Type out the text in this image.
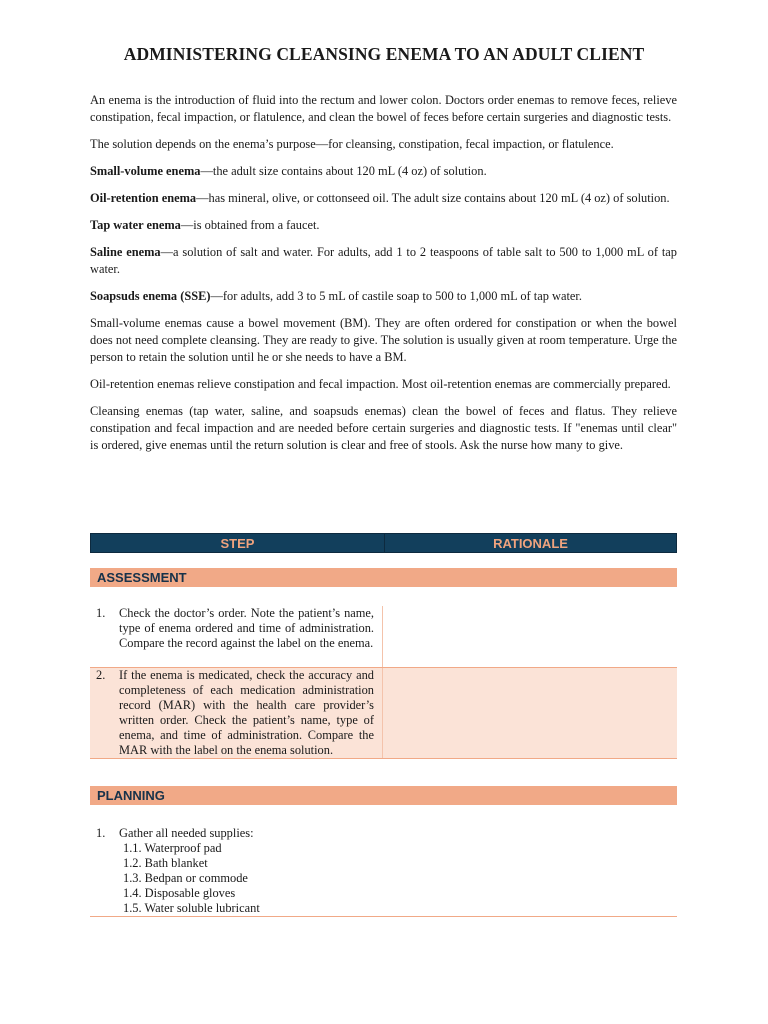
ADMINISTERING CLEANSING ENEMA TO AN ADULT CLIENT

An enema is the introduction of fluid into the rectum and lower colon. Doctors order enemas to remove feces, relieve constipation, fecal impaction, or flatulence, and clean the bowel of feces before certain surgeries and diagnostic tests.

The solution depends on the enema’s purpose—for cleansing, constipation, fecal impaction, or flatulence.

Small-volume enema—the adult size contains about 120 mL (4 oz) of solution.

Oil-retention enema—has mineral, olive, or cottonseed oil. The adult size contains about 120 mL (4 oz) of solution.

Tap water enema—is obtained from a faucet.

Saline enema—a solution of salt and water. For adults, add 1 to 2 teaspoons of table salt to 500 to 1,000 mL of tap water.

Soapsuds enema (SSE)—for adults, add 3 to 5 mL of castile soap to 500 to 1,000 mL of tap water.

Small-volume enemas cause a bowel movement (BM). They are often ordered for constipation or when the bowel does not need complete cleansing. They are ready to give. The solution is usually given at room temperature. Urge the person to retain the solution until he or she needs to have a BM.

Oil-retention enemas relieve constipation and fecal impaction. Most oil-retention enemas are commercially prepared.

Cleansing enemas (tap water, saline, and soapsuds enemas) clean the bowel of feces and flatus. They relieve constipation and fecal impaction and are needed before certain surgeries and diagnostic tests. If "enemas until clear" is ordered, give enemas until the return solution is clear and free of stools. Ask the nurse how many to give.

STEP	RATIONALE
ASSESSMENT
1.	Check the doctor’s order. Note the patient’s name, type of enema ordered and time of administration. Compare the record against the label on the enema.
2.	If the enema is medicated, check the accuracy and completeness of each medication administration record (MAR) with the health care provider’s written order. Check the patient’s name, type of enema, and time of administration. Compare the MAR with the label on the enema solution.
PLANNING
1.	Gather all needed supplies:
1.1. Waterproof pad
1.2. Bath blanket
1.3. Bedpan or commode
1.4. Disposable gloves
1.5. Water soluble lubricant
